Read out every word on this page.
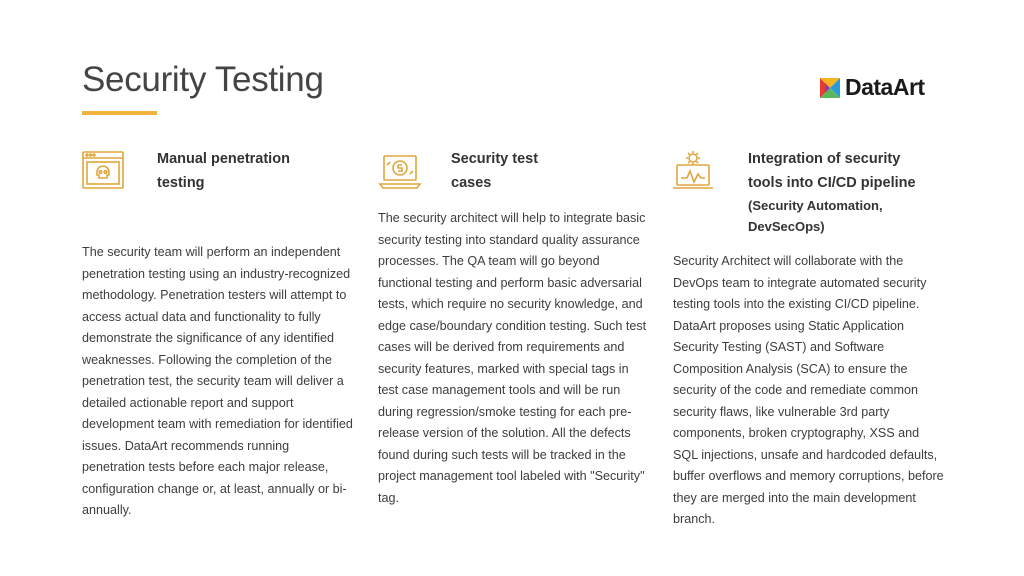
Security Testing	DataArt
Manual penetration
testing
The security team will perform an independent penetration testing using an industry-recognized methodology. Penetration testers will attempt to access actual data and functionality to fully demonstrate the significance of any identified weaknesses. Following the completion of the penetration test, the security team will deliver a detailed actionable report and support development team with remediation for identified issues. DataArt recommends running penetration tests before each major release, configuration change or, at least, annually or bi-annually.
Security test
cases
The security architect will help to integrate basic security testing into standard quality assurance processes. The QA team will go beyond functional testing and perform basic adversarial tests, which require no security knowledge, and edge case/boundary condition testing. Such test cases will be derived from requirements and security features, marked with special tags in test case management tools and will be run during regression/smoke testing for each pre-release version of the solution. All the defects found during such tests will be tracked in the project management tool labeled with "Security" tag.
Integration of security
tools into CI/CD pipeline
(Security Automation, DevSecOps)
Security Architect will collaborate with the DevOps team to integrate automated security testing tools into the existing CI/CD pipeline. DataArt proposes using Static Application Security Testing (SAST) and Software Composition Analysis (SCA) to ensure the security of the code and remediate common security flaws, like vulnerable 3rd party components, broken cryptography, XSS and SQL injections, unsafe and hardcoded defaults, buffer overflows and memory corruptions, before they are merged into the main development branch.
